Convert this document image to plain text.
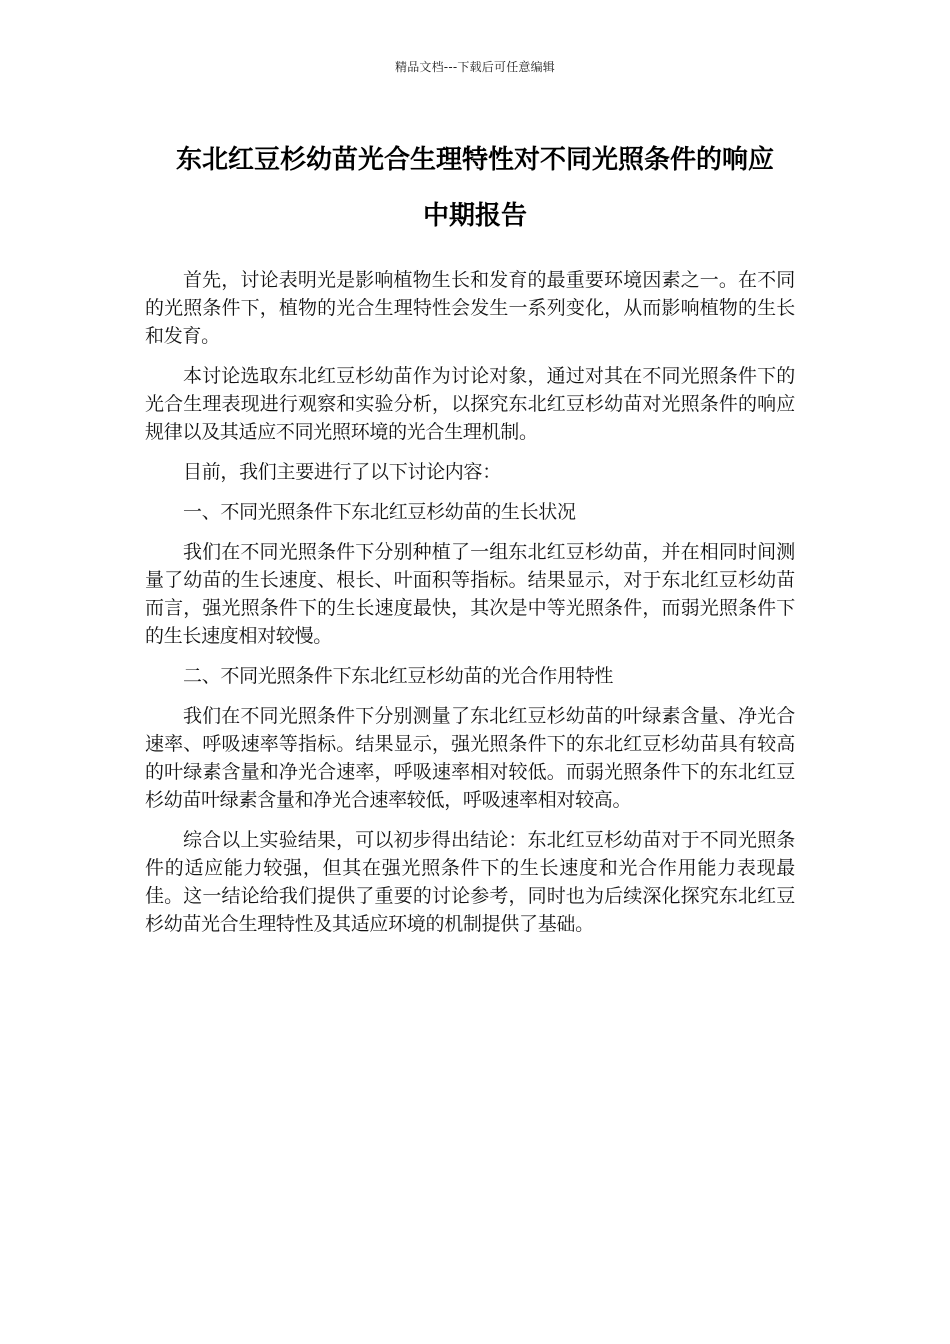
精品文档---下载后可任意编辑
东北红豆杉幼苗光合生理特性对不同光照条件的响应
中期报告

首先，讨论表明光是影响植物生长和发育的最重要环境因素之一。在不同的光照条件下，植物的光合生理特性会发生一系列变化，从而影响植物的生长和发育。

本讨论选取东北红豆杉幼苗作为讨论对象，通过对其在不同光照条件下的光合生理表现进行观察和实验分析，以探究东北红豆杉幼苗对光照条件的响应规律以及其适应不同光照环境的光合生理机制。

目前，我们主要进行了以下讨论内容：

一、不同光照条件下东北红豆杉幼苗的生长状况

我们在不同光照条件下分别种植了一组东北红豆杉幼苗，并在相同时间测量了幼苗的生长速度、根长、叶面积等指标。结果显示，对于东北红豆杉幼苗而言，强光照条件下的生长速度最快，其次是中等光照条件，而弱光照条件下的生长速度相对较慢。

二、不同光照条件下东北红豆杉幼苗的光合作用特性

我们在不同光照条件下分别测量了东北红豆杉幼苗的叶绿素含量、净光合速率、呼吸速率等指标。结果显示，强光照条件下的东北红豆杉幼苗具有较高的叶绿素含量和净光合速率，呼吸速率相对较低。而弱光照条件下的东北红豆杉幼苗叶绿素含量和净光合速率较低，呼吸速率相对较高。

综合以上实验结果，可以初步得出结论：东北红豆杉幼苗对于不同光照条件的适应能力较强，但其在强光照条件下的生长速度和光合作用能力表现最佳。这一结论给我们提供了重要的讨论参考，同时也为后续深化探究东北红豆杉幼苗光合生理特性及其适应环境的机制提供了基础。
